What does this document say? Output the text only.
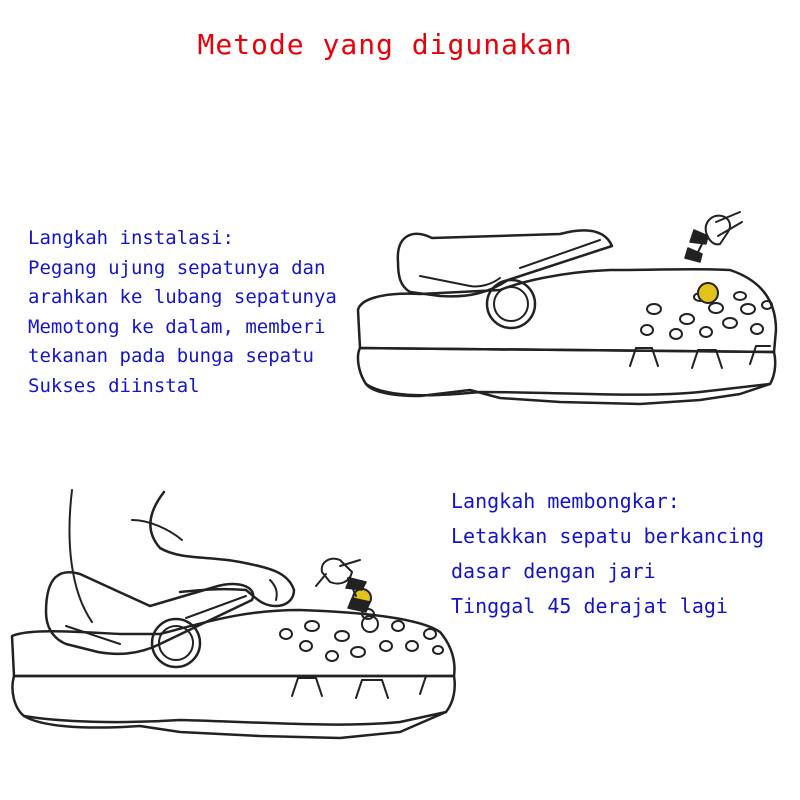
Metode yang digunakan
Langkah instalasi:
Pegang ujung sepatunya dan
arahkan ke lubang sepatunya
Memotong ke dalam, memberi
tekanan pada bunga sepatu
Sukses diinstal
Langkah membongkar:
Letakkan sepatu berkancing
dasar dengan jari
Tinggal 45 derajat lagi
